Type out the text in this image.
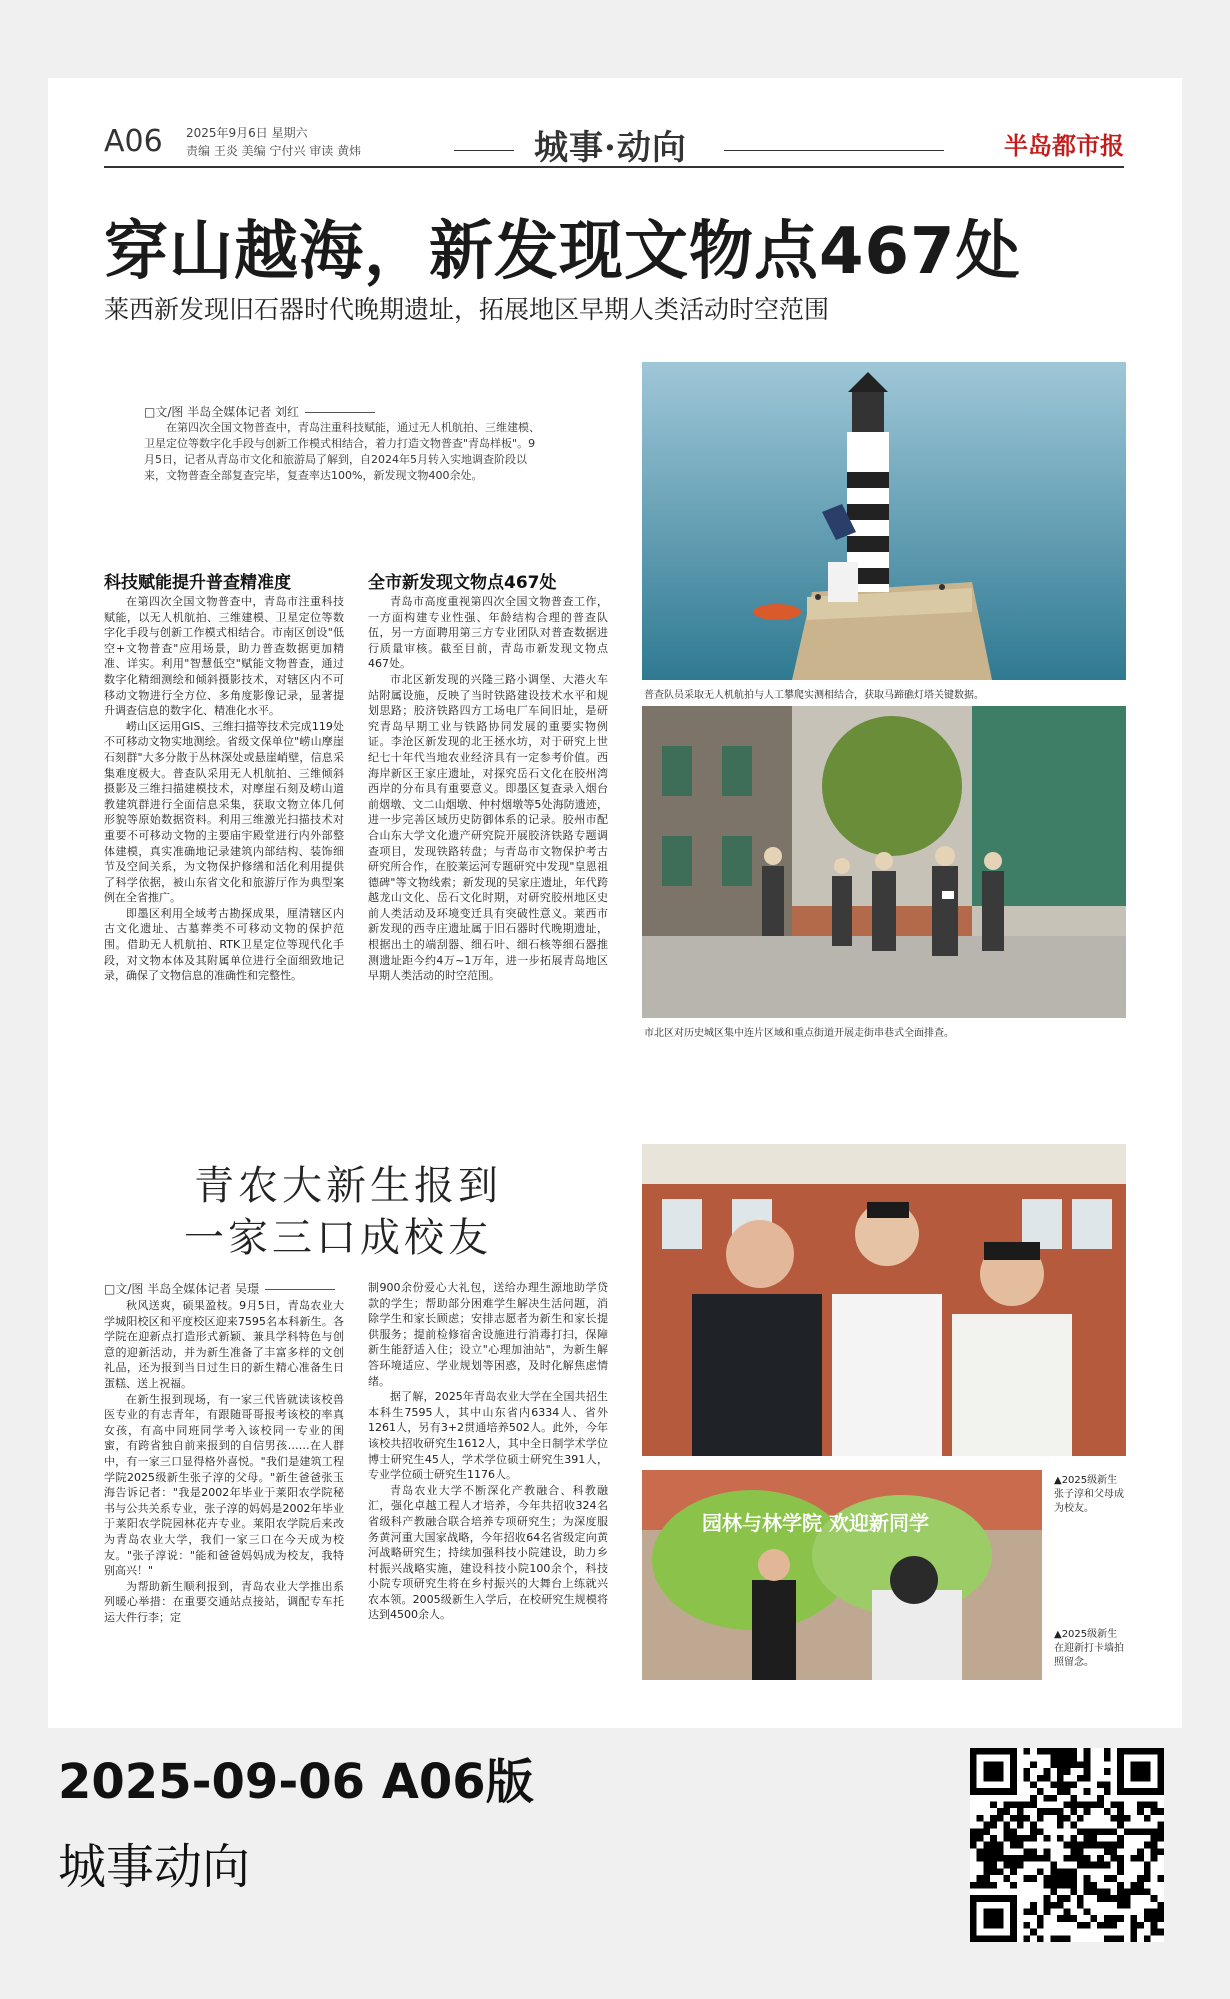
A06 2025年9月6日 星期六
责编 王炎 美编 宁付兴 审读 黄炜	城事·动向	半岛都市报
穿山越海，新发现文物点467处
莱西新发现旧石器时代晚期遗址，拓展地区早期人类活动时空范围
□文/图 半岛全媒体记者 刘红
在第四次全国文物普查中，青岛注重科技赋能，通过无人机航拍、三维建模、卫星定位等数字化手段与创新工作模式相结合，着力打造文物普查"青岛样板"。9月5日，记者从青岛市文化和旅游局了解到，自2024年5月转入实地调查阶段以来，文物普查全部复查完毕，复查率达100%，新发现文物400余处。
科技赋能提升普查精准度

在第四次全国文物普查中，青岛市注重科技赋能，以无人机航拍、三维建模、卫星定位等数字化手段与创新工作模式相结合。市南区创设"低空+文物普查"应用场景，助力普查数据更加精准、详实。利用"智慧低空"赋能文物普查，通过数字化精细测绘和倾斜摄影技术，对辖区内不可移动文物进行全方位、多角度影像记录，显著提升调查信息的数字化、精准化水平。

崂山区运用GIS、三维扫描等技术完成119处不可移动文物实地测绘。省级文保单位"崂山摩崖石刻群"大多分散于丛林深处或悬崖峭壁，信息采集难度极大。普查队采用无人机航拍、三维倾斜摄影及三维扫描建模技术，对摩崖石刻及崂山道教建筑群进行全面信息采集，获取文物立体几何形貌等原始数据资料。利用三维激光扫描技术对重要不可移动文物的主要庙宇殿堂进行内外部整体建模，真实准确地记录建筑内部结构、装饰细节及空间关系，为文物保护修缮和活化利用提供了科学依据，被山东省文化和旅游厅作为典型案例在全省推广。

即墨区利用全域考古勘探成果，厘清辖区内古文化遗址、古墓葬类不可移动文物的保护范围。借助无人机航拍、RTK卫星定位等现代化手段，对文物本体及其附属单位进行全面细致地记录，确保了文物信息的准确性和完整性。

全市新发现文物点467处

青岛市高度重视第四次全国文物普查工作，一方面构建专业性强、年龄结构合理的普查队伍，另一方面聘用第三方专业团队对普查数据进行质量审核。截至目前，青岛市新发现文物点467处。

市北区新发现的兴隆三路小调堡、大港火车站附属设施，反映了当时铁路建设技术水平和规划思路；胶济铁路四方工场电厂车间旧址，是研究青岛早期工业与铁路协同发展的重要实物例证。李沧区新发现的北王拯水坊，对于研究上世纪七十年代当地农业经济具有一定参考价值。西海岸新区王家庄遗址，对探究岳石文化在胶州湾西岸的分布具有重要意义。即墨区复查录入烟台前烟墩、文二山烟墩、仲村烟墩等5处海防遗迹，进一步完善区域历史防御体系的记录。胶州市配合山东大学文化遗产研究院开展胶济铁路专题调查项目，发现铁路转盘；与青岛市文物保护考古研究所合作，在胶莱运河专题研究中发现"皇恩祖德碑"等文物线索；新发现的吴家庄遗址，年代跨越龙山文化、岳石文化时期，对研究胶州地区史前人类活动及环境变迁具有突破性意义。莱西市新发现的西寺庄遗址属于旧石器时代晚期遗址，根据出土的端刮器、细石叶、细石核等细石器推测遗址距今约4万~1万年，进一步拓展青岛地区早期人类活动的时空范围。

普查队员采取无人机航拍与人工攀爬实测相结合，获取马蹄礁灯塔关键数据。
市北区对历史城区集中连片区域和重点街道开展走街串巷式全面排查。
青农大新生报到
一家三口成校友
□文/图 半岛全媒体记者 吴璟

秋风送爽，硕果盈枝。9月5日，青岛农业大学城阳校区和平度校区迎来7595名本科新生。各学院在迎新点打造形式新颖、兼具学科特色与创意的迎新活动，并为新生准备了丰富多样的文创礼品，还为报到当日过生日的新生精心准备生日蛋糕、送上祝福。

在新生报到现场，有一家三代皆就读该校兽医专业的有志青年，有跟随哥哥报考该校的率真女孩，有高中同班同学考入该校同一专业的闺蜜，有跨省独自前来报到的自信男孩……在人群中，有一家三口显得格外喜悦。"我们是建筑工程学院2025级新生张子淳的父母。"新生爸爸张玉海告诉记者："我是2002年毕业于莱阳农学院秘书与公共关系专业，张子淳的妈妈是2002年毕业于莱阳农学院园林花卉专业。莱阳农学院后来改为青岛农业大学，我们一家三口在今天成为校友。"张子淳说："能和爸爸妈妈成为校友，我特别高兴！"

为帮助新生顺利报到，青岛农业大学推出系列暖心举措：在重要交通站点接站，调配专车托运大件行李；定

制900余份爱心大礼包，送给办理生源地助学贷款的学生；帮助部分困难学生解决生活问题，消除学生和家长顾虑；安排志愿者为新生和家长提供服务；提前检修宿舍设施进行消毒打扫，保障新生能舒适入住；设立"心理加油站"，为新生解答环境适应、学业规划等困惑，及时化解焦虑情绪。

据了解，2025年青岛农业大学在全国共招生本科生7595人，其中山东省内6334人、省外1261人，另有3+2贯通培养502人。此外，今年该校共招收研究生1612人，其中全日制学术学位博士研究生45人，学术学位硕士研究生391人，专业学位硕士研究生1176人。

青岛农业大学不断深化产教融合、科教融汇，强化卓越工程人才培养，今年共招收324名省级科产教融合联合培养专项研究生；为深度服务黄河重大国家战略，今年招收64名省级定向黄河战略研究生；持续加强科技小院建设，助力乡村振兴战略实施，建设科技小院100余个，科技小院专项研究生将在乡村振兴的大舞台上练就兴农本领。2005级新生入学后，在校研究生规模将达到4500余人。

▲2025级新生张子淳和父母成为校友。
园林与林学院 欢迎新同学
▲2025级新生在迎新打卡墙拍照留念。
2025-09-06 A06版
城事动向
